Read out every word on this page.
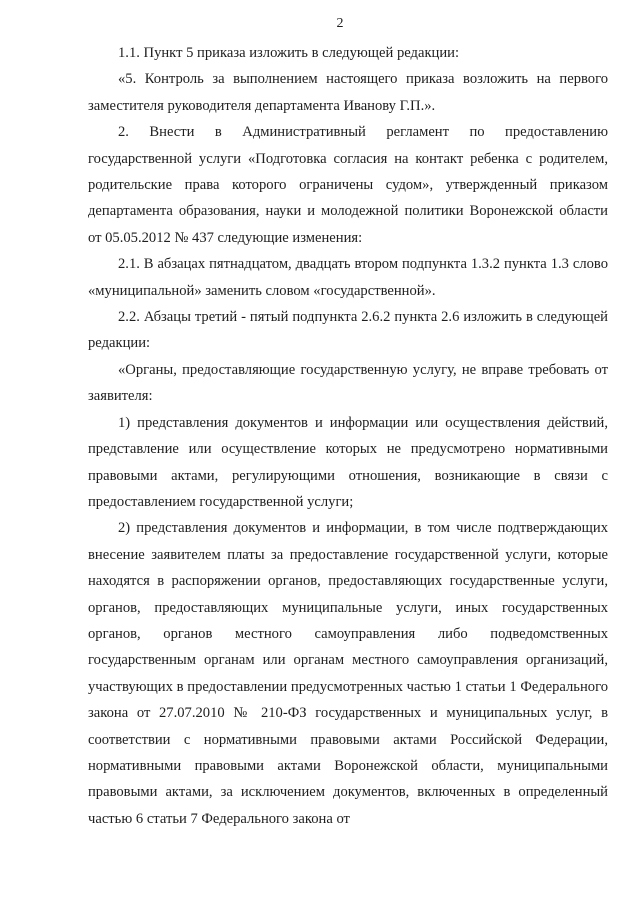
2

1.1. Пункт 5 приказа изложить в следующей редакции:

«5. Контроль за выполнением настоящего приказа возложить на первого заместителя руководителя департамента Иванову Г.П.».

2. Внести в Административный регламент по предоставлению государственной услуги «Подготовка согласия на контакт ребенка с родителем, родительские права которого ограничены судом», утвержденный приказом департамента образования, науки и молодежной политики Воронежской области от 05.05.2012 № 437 следующие изменения:

2.1. В абзацах пятнадцатом, двадцать втором подпункта 1.3.2 пункта 1.3 слово «муниципальной» заменить словом «государственной».

2.2. Абзацы третий - пятый подпункта 2.6.2 пункта 2.6 изложить в следующей редакции:

«Органы, предоставляющие государственную услугу, не вправе требовать от заявителя:

1) представления документов и информации или осуществления действий, представление или осуществление которых не предусмотрено нормативными правовыми актами, регулирующими отношения, возникающие в связи с предоставлением государственной услуги;

2) представления документов и информации, в том числе подтверждающих внесение заявителем платы за предоставление государственной услуги, которые находятся в распоряжении органов, предоставляющих государственные услуги, органов, предоставляющих муниципальные услуги, иных государственных органов, органов местного самоуправления либо подведомственных государственным органам или органам местного самоуправления организаций, участвующих в предоставлении предусмотренных частью 1 статьи 1 Федерального закона от 27.07.2010 № 210-ФЗ государственных и муниципальных услуг, в соответствии с нормативными правовыми актами Российской Федерации, нормативными правовыми актами Воронежской области, муниципальными правовыми актами, за исключением документов, включенных в определенный частью 6 статьи 7 Федерального закона от
